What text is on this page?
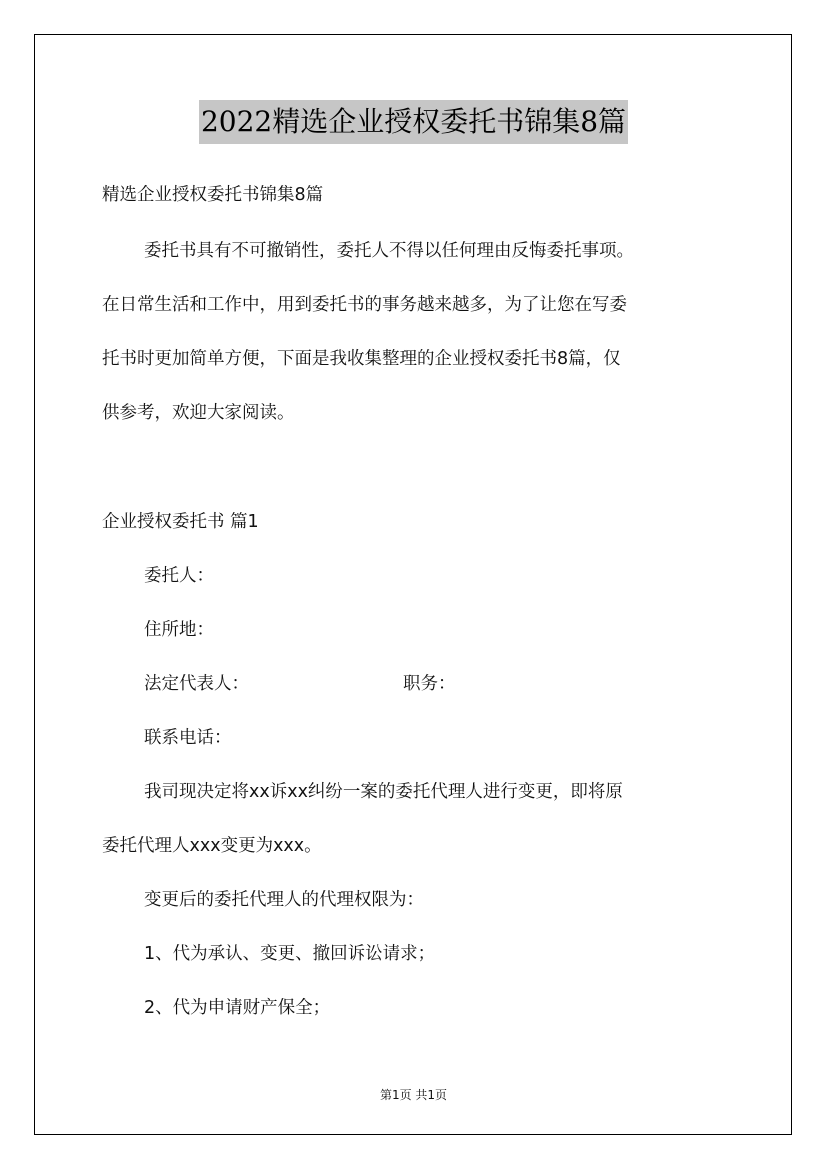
2022精选企业授权委托书锦集8篇
精选企业授权委托书锦集8篇
委托书具有不可撤销性，委托人不得以任何理由反悔委托事项。
在日常生活和工作中，用到委托书的事务越来越多，为了让您在写委
托书时更加简单方便，下面是我收集整理的企业授权委托书8篇，仅
供参考，欢迎大家阅读。
企业授权委托书 篇1
委托人：
住所地：
法定代表人：	职务：
联系电话：
我司现决定将xx诉xx纠纷一案的委托代理人进行变更，即将原
委托代理人xxx变更为xxx。
变更后的委托代理人的代理权限为：
1、代为承认、变更、撤回诉讼请求；
2、代为申请财产保全；
第1页 共1页
